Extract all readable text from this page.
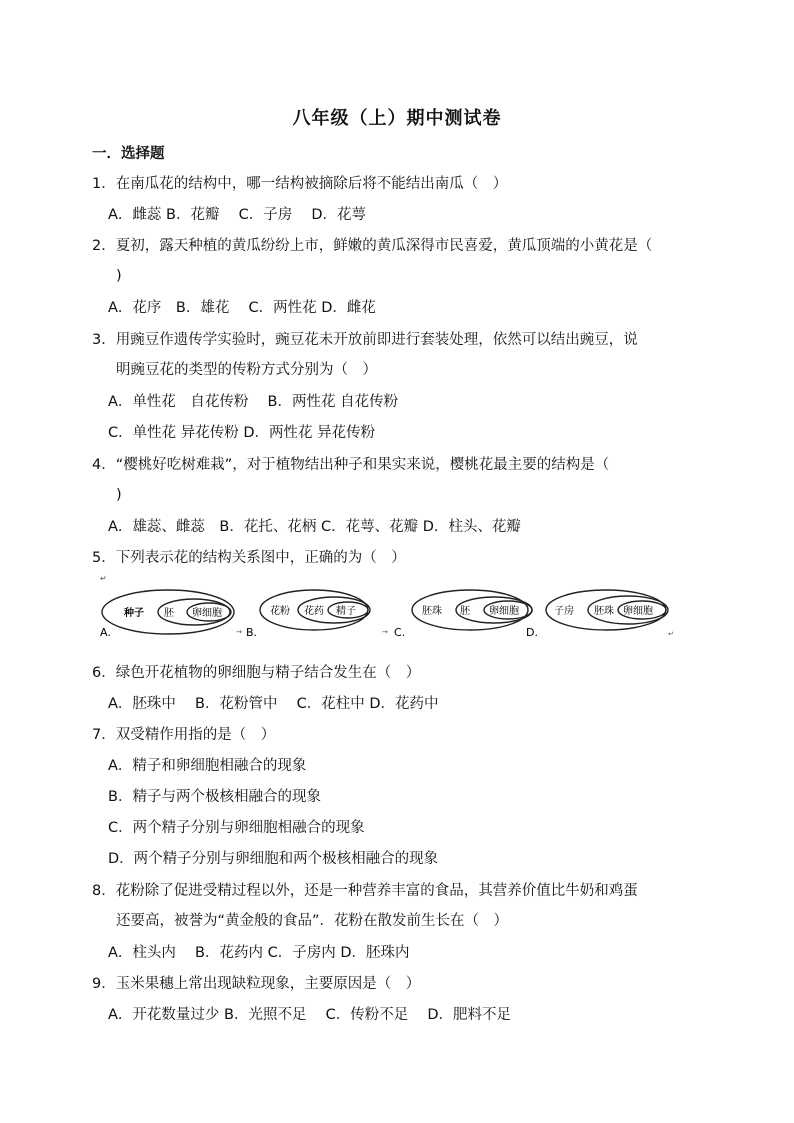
八年级（上）期中测试卷
一．选择题
1．在南瓜花的结构中，哪一结构被摘除后将不能结出南瓜（　）
A．雌蕊 B．花瓣　 C．子房　 D．花萼
2．夏初，露天种植的黄瓜纷纷上市，鲜嫩的黄瓜深得市民喜爱，黄瓜顶端的小黄花是（
)
A．花序　B．雄花　 C．两性花 D．雌花
3．用豌豆作遗传学实验时，豌豆花未开放前即进行套装处理，依然可以结出豌豆，说
明豌豆花的类型的传粉方式分别为（　）
A．单性花　自花传粉　 B．两性花 自花传粉
C．单性花 异花传粉 D．两性花 异花传粉
4．“樱桃好吃树难栽”，对于植物结出种子和果实来说，樱桃花最主要的结构是（
)
A．雄蕊、雌蕊　B．花托、花柄 C．花萼、花瓣 D．柱头、花瓣
5．下列表示花的结构关系图中，正确的为（　）
↵
种子 胚 卵细胞
A.	→
花粉 花药 精子
B.	→
胚珠 胚 卵细胞
C.
子房 胚珠 卵细胞
D.	↵
6．绿色开花植物的卵细胞与精子结合发生在（　）
A．胚珠中　 B．花粉管中　 C．花柱中 D．花药中
7．双受精作用指的是（　）
A．精子和卵细胞相融合的现象
B．精子与两个极核相融合的现象
C．两个精子分别与卵细胞相融合的现象
D．两个精子分别与卵细胞和两个极核相融合的现象
8．花粉除了促进受精过程以外，还是一种营养丰富的食品，其营养价值比牛奶和鸡蛋
还要高，被誉为“黄金般的食品”．花粉在散发前生长在（　）
A．柱头内　 B．花药内 C．子房内 D．胚珠内
9．玉米果穗上常出现缺粒现象，主要原因是（　）
A．开花数量过少 B．光照不足　 C．传粉不足　 D．肥料不足
